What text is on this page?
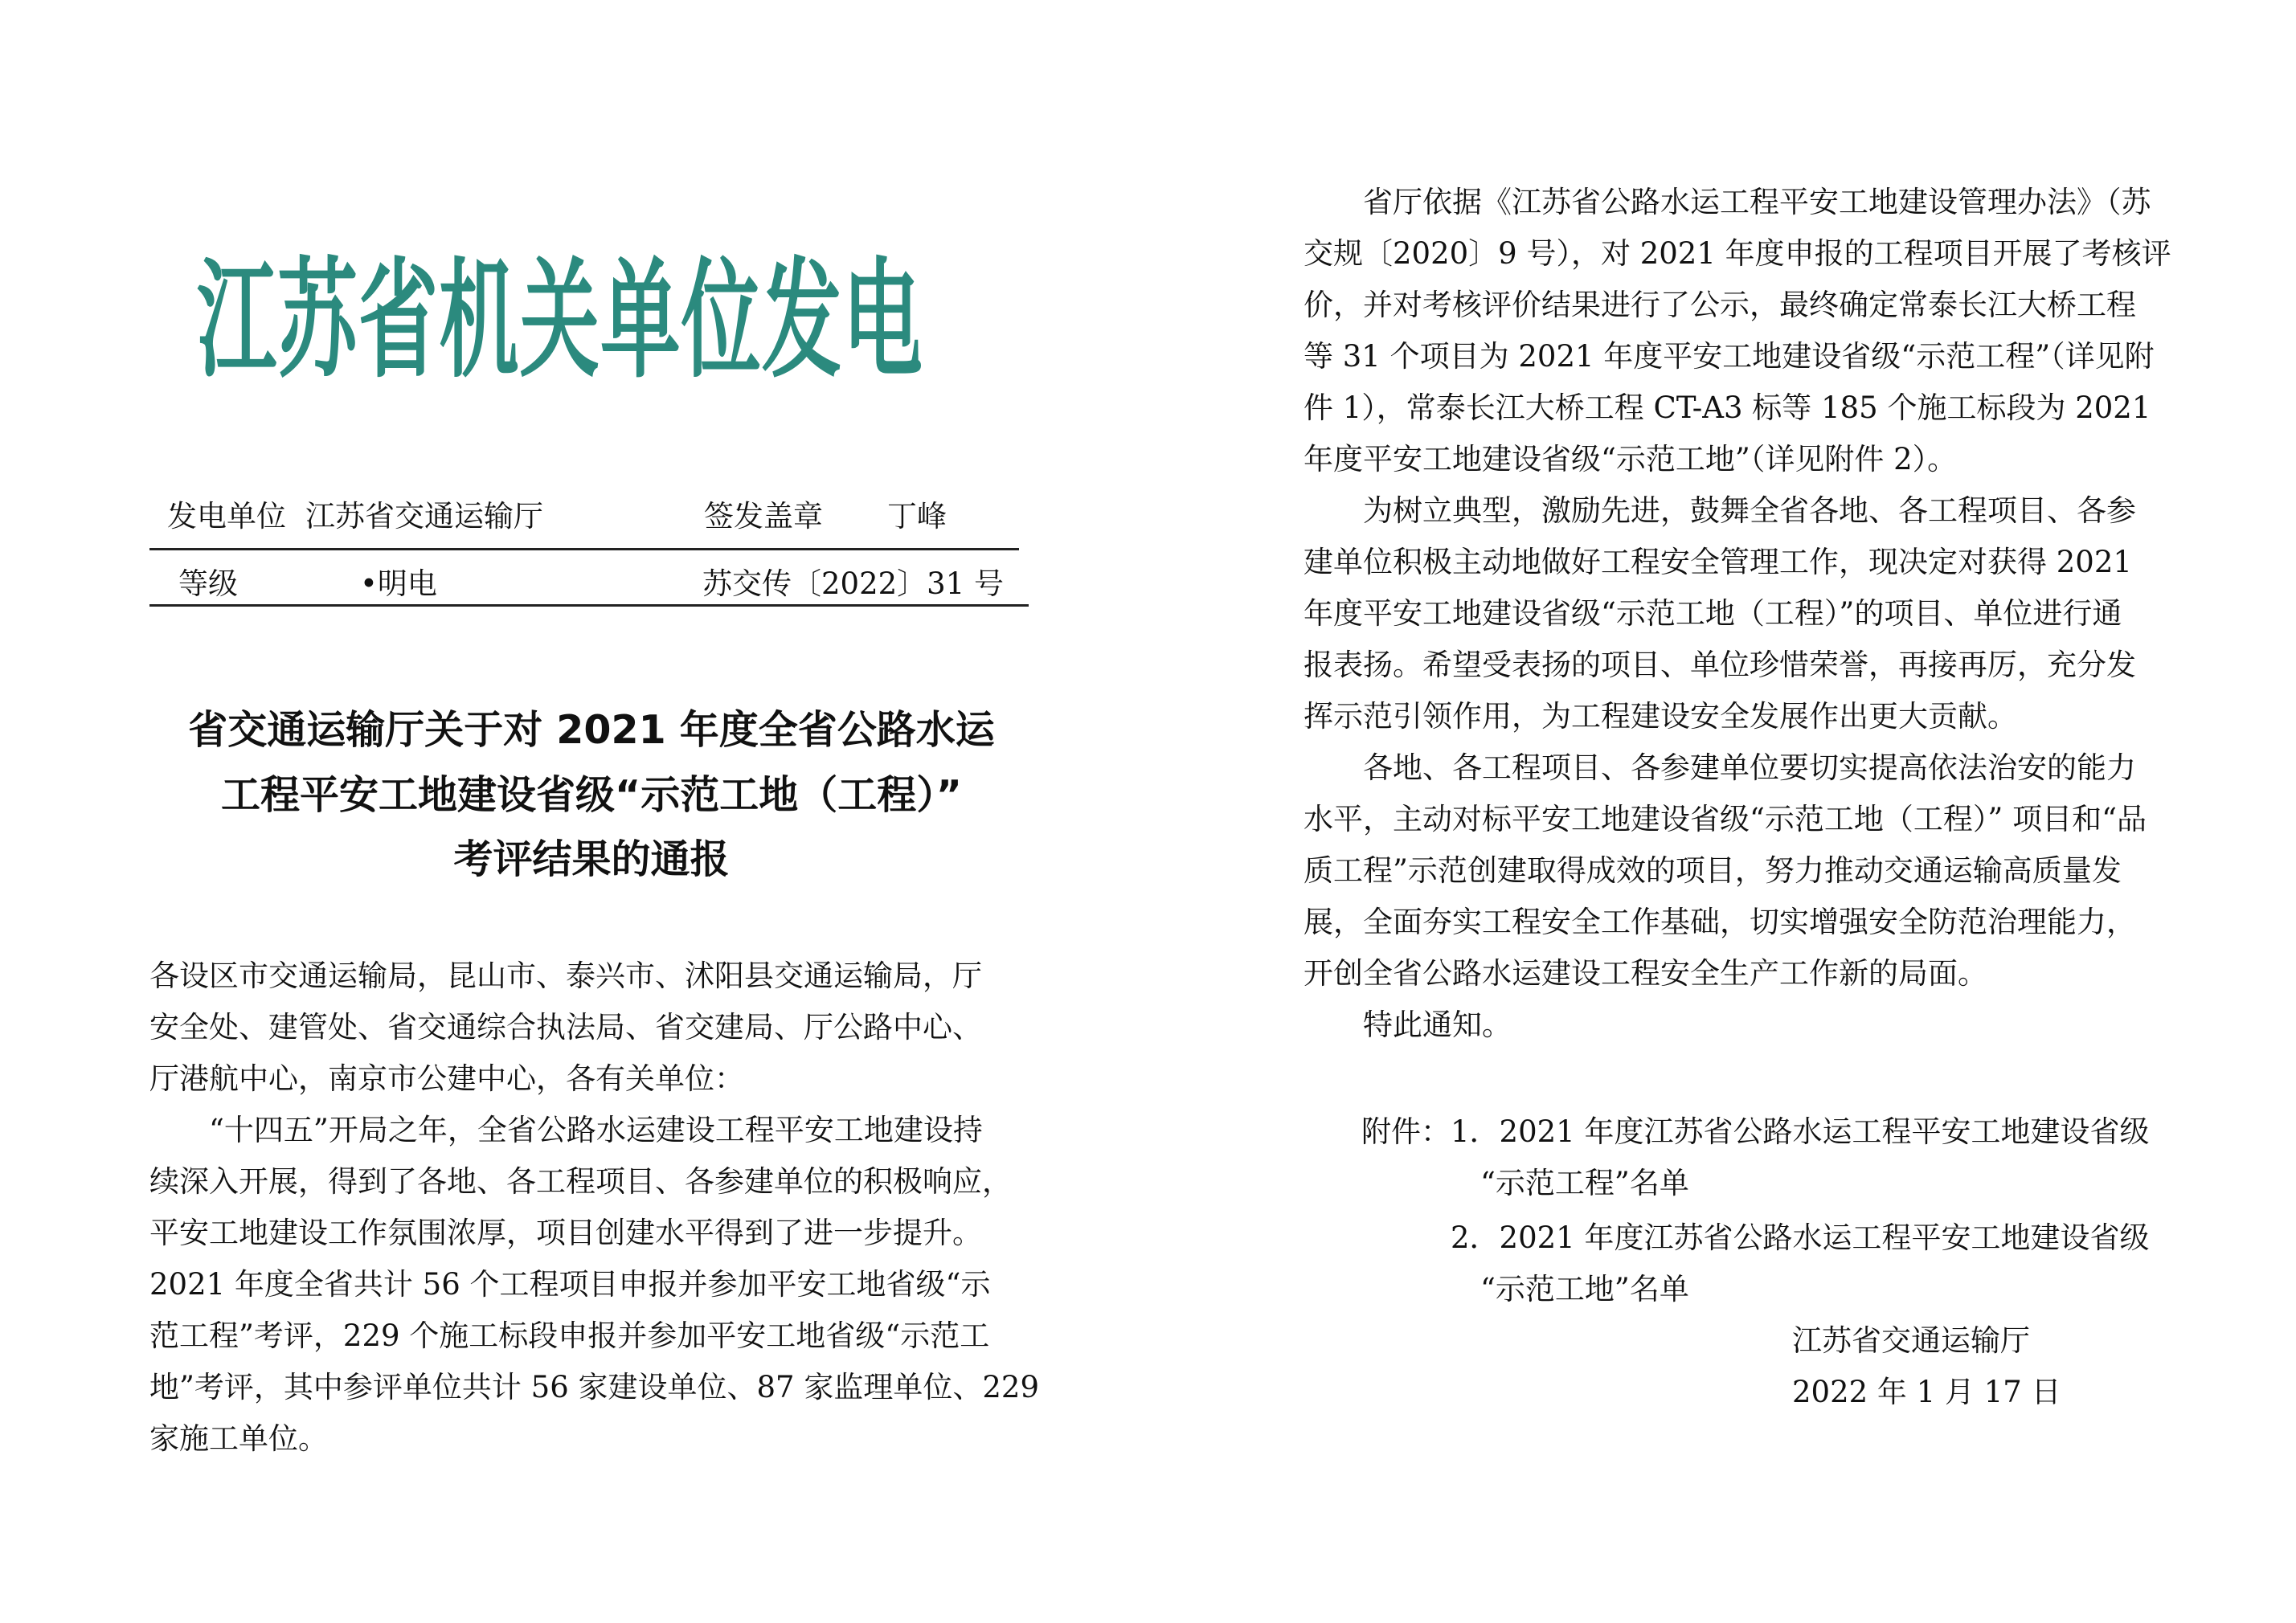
江苏省机关单位发电
发电单位 江苏省交通运输厅	签发盖章 丁峰
等级	•明电	苏交传〔2022〕31 号
省交通运输厅关于对 2021 年度全省公路水运
工程平安工地建设省级“示范工地（工程）”
考评结果的通报
各设区市交通运输局，昆山市、泰兴市、沭阳县交通运输局，厅
安全处、建管处、省交通综合执法局、省交建局、厅公路中心、
厅港航中心，南京市公建中心，各有关单位：
　　“十四五”开局之年，全省公路水运建设工程平安工地建设持
续深入开展，得到了各地、各工程项目、各参建单位的积极响应，
平安工地建设工作氛围浓厚，项目创建水平得到了进一步提升。
2021 年度全省共计 56 个工程项目申报并参加平安工地省级“示
范工程”考评，229 个施工标段申报并参加平安工地省级“示范工
地”考评，其中参评单位共计 56 家建设单位、87 家监理单位、229
家施工单位。
　　省厅依据《江苏省公路水运工程平安工地建设管理办法》（苏
交规〔2020〕9 号），对 2021 年度申报的工程项目开展了考核评
价，并对考核评价结果进行了公示，最终确定常泰长江大桥工程
等 31 个项目为 2021 年度平安工地建设省级“示范工程”（详见附
件 1），常泰长江大桥工程 CT-A3 标等 185 个施工标段为 2021
年度平安工地建设省级“示范工地”（详见附件 2）。
　　为树立典型，激励先进，鼓舞全省各地、各工程项目、各参
建单位积极主动地做好工程安全管理工作，现决定对获得 2021
年度平安工地建设省级“示范工地（工程）”的项目、单位进行通
报表扬。希望受表扬的项目、单位珍惜荣誉，再接再厉，充分发
挥示范引领作用，为工程建设安全发展作出更大贡献。
　　各地、各工程项目、各参建单位要切实提高依法治安的能力
水平，主动对标平安工地建设省级“示范工地（工程）” 项目和“品
质工程”示范创建取得成效的项目，努力推动交通运输高质量发
展，全面夯实工程安全工作基础，切实增强安全防范治理能力，
开创全省公路水运建设工程安全生产工作新的局面。
　　特此通知。
附件： 1．2021 年度江苏省公路水运工程平安工地建设省级
“示范工程”名单
2．2021 年度江苏省公路水运工程平安工地建设省级
“示范工地”名单
江苏省交通运输厅
2022 年 1 月 17 日
